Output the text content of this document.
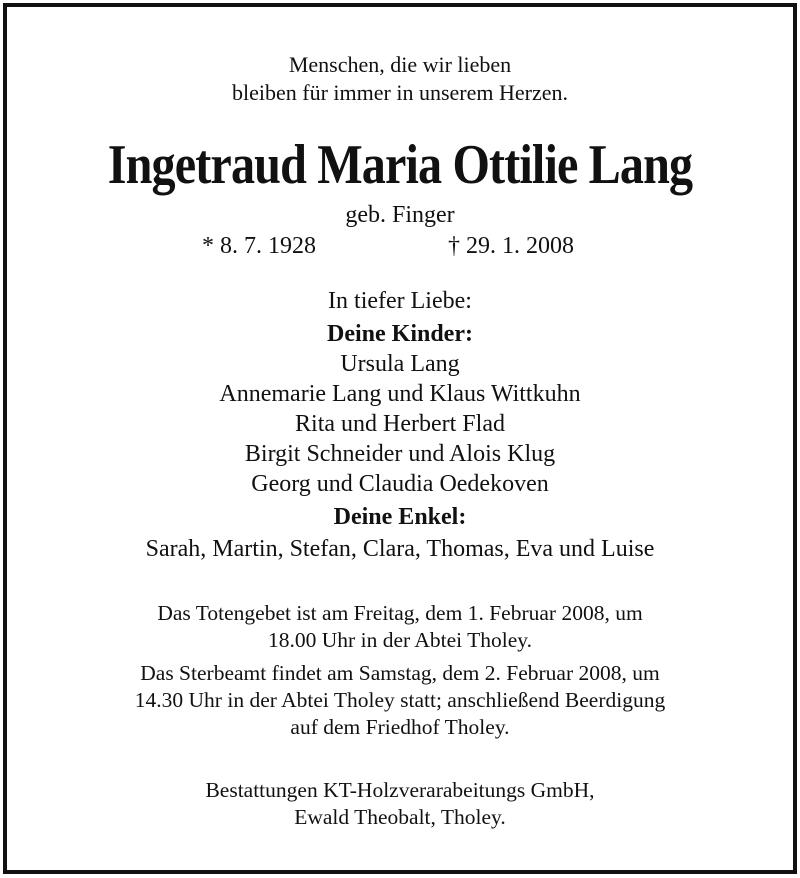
Menschen, die wir lieben
bleiben für immer in unserem Herzen.
Ingetraud Maria Ottilie Lang
geb. Finger
* 8. 7. 1928	† 29. 1. 2008
In tiefer Liebe:
Deine Kinder:
Ursula Lang
Annemarie Lang und Klaus Wittkuhn
Rita und Herbert Flad
Birgit Schneider und Alois Klug
Georg und Claudia Oedekoven
Deine Enkel:
Sarah, Martin, Stefan, Clara, Thomas, Eva und Luise
Das Totengebet ist am Freitag, dem 1. Februar 2008, um
18.00 Uhr in der Abtei Tholey.
Das Sterbeamt findet am Samstag, dem 2. Februar 2008, um
14.30 Uhr in der Abtei Tholey statt; anschließend Beerdigung
auf dem Friedhof Tholey.
Bestattungen KT-Holzverarabeitungs GmbH,
Ewald Theobalt, Tholey.
